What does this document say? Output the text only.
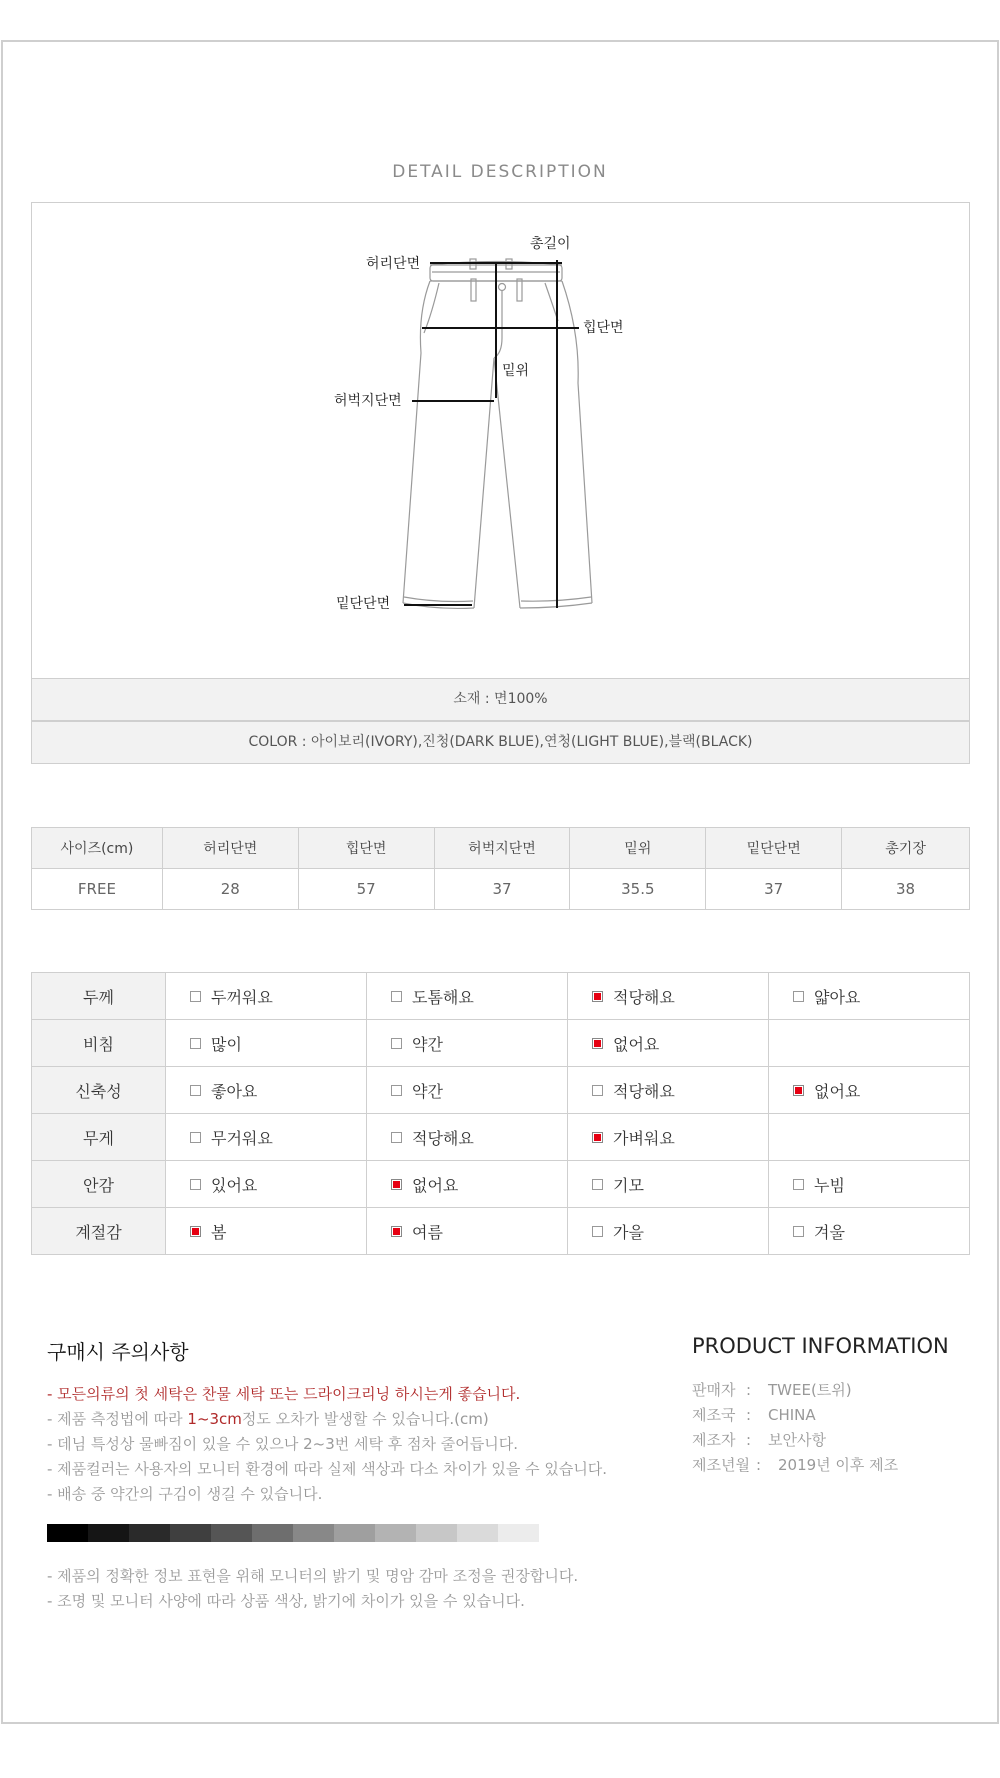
DETAIL DESCRIPTION
허리단면
총길이
힙단면
밑위
허벅지단면
밑단단면
소재 : 면100%
COLOR : 아이보리(IVORY),진청(DARK BLUE),연청(LIGHT BLUE),블랙(BLACK)
사이즈(cm)	허리단면	힙단면	허벅지단면	밑위	밑단단면	총기장
FREE	28	57	37	35.5	37	38
두께	두꺼워요	도톰해요	적당해요	얇아요
비침	많이	약간	없어요	
신축성	좋아요	약간	적당해요	없어요
무게	무거워요	적당해요	가벼워요	
안감	있어요	없어요	기모	누빔
계절감	봄	여름	가을	겨울
구매시 주의사항
- 모든의류의 첫 세탁은 찬물 세탁 또는 드라이크리닝 하시는게 좋습니다.
- 제품 측정법에 따라 1~3cm정도 오차가 발생할 수 있습니다.(cm)
- 데님 특성상 물빠짐이 있을 수 있으나 2~3번 세탁 후 점차 줄어듭니다.
- 제품컬러는 사용자의 모니터 환경에 따라 실제 색상과 다소 차이가 있을 수 있습니다.
- 배송 중 약간의 구김이 생길 수 있습니다.
- 제품의 정확한 정보 표현을 위해 모니터의 밝기 및 명암 감마 조정을 권장합니다.
- 조명 및 모니터 사양에 따라 상품 색상, 밝기에 차이가 있을 수 있습니다.
PRODUCT INFORMATION
판매자 : TWEE(트위)
제조국 : CHINA
제조자 : 보안사항
제조년월 : 2019년 이후 제조
